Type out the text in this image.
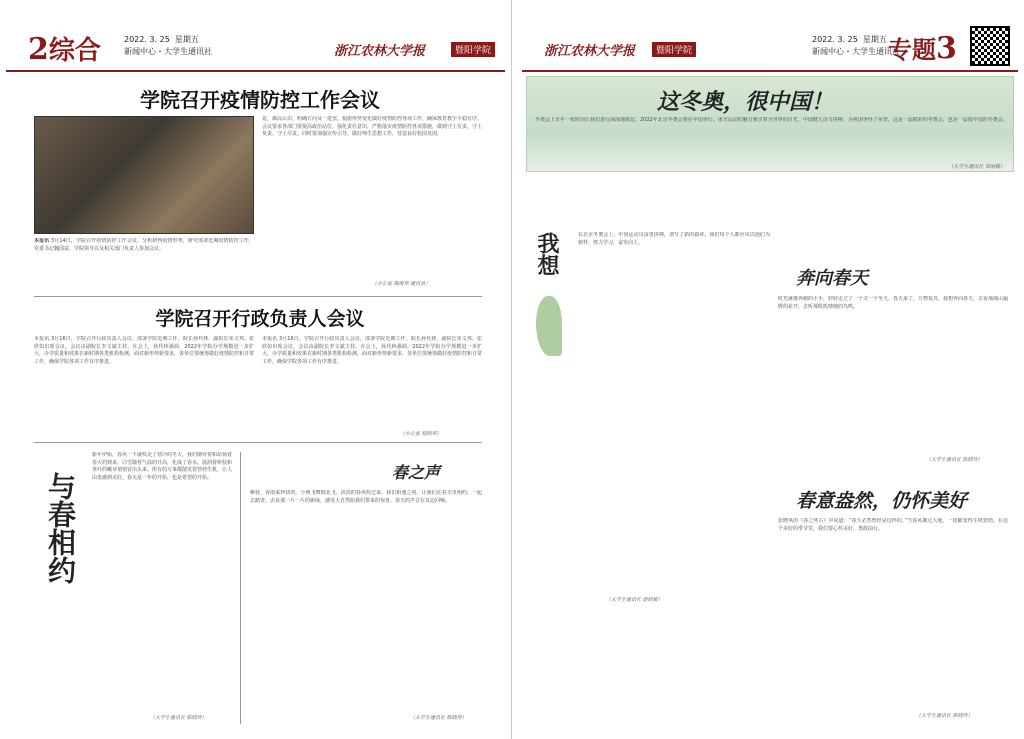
2综合	2022. 3. 25 星期五
新闻中心・大学生通讯社	浙江农林大学报	暨阳学院
学院召开疫情防控工作会议
本报讯 3月14日，学院召开疫情防控工作会议，分析研判疫情形势，研究部署近期疫情防控工作，党委书记魏国富、学院领导以及相关部门负责人参加会议。
霓，都高认识，明确方向及一进罢。根据形势变化做好疫情防控各项工作，确保教育教学平稳有序。会议要求各部门要提高政治站位，强化责任意识，严格落实疫情防控各项措施，做到守土有责、守土负责、守土尽责。同时要加强宣传引导，做好师生思想工作，营造良好校园氛围。
（办公室 陶俊华 通讯员）
学院召开行政负责人会议
本报讯 3月16日，学院召开行政负责人会议，部署学院近期工作。院长孙代林，副院长朱文邦、张欣如出席会议，会议由副院长李文斌主持。在会上，孙代林强调，2022年学院办学规模进一步扩大，办学质量和效果在新时期各类机构检测，面对新形势新要求，各单位要统筹做好疫情防控和日常工作，确保学院各项工作有序推进。
本报讯 3月16日，学院召开行政负责人会议，部署学院近期工作。院长孙代林，副院长朱文邦、张欣如出席会议，会议由副院长李文斌主持。在会上，孙代林强调，2022年学院办学规模进一步扩大，办学质量和效果在新时期各类机构检测，面对新形势新要求，各单位要统筹做好疫情防控和日常工作，确保学院各项工作有序推进。
（办公室 程晓华）
与春相约
新年伊始，春风一下就吹走了寒冷的冬天，我们期待着和昂扬着春天的到来。白雪随着气温的升高，化成了春水，滋润着树枝和草叶的嫩芽悄悄冒出头来。所有的万事都散发着勃勃生机，让人由衷感到美好。春天是一年的开始，也是希望的开始。
（大学生通讯社 陈晓玲）
春之声
柳枝，春雨来得快的。小燕飞舞到北飞。淡淡的春风吹过来，我们相遇之初。让我们在春天里相约，一起去踏青，去看那一片一片的新绿，感受大自然给我们带来的惊喜。春天的声音在耳边回响。
（大学生通讯社 陈晓玲）
浙江农林大学报	暨阳学院
2022. 3. 25 星期五
新闻中心・大学生通讯社
专题3
这冬奥，很中国！
冬奥会上百年一枚时间让我们进行深深地铭记，2022年北京冬奥会将在中国举行。冰雪运动的魅力吸引着全世界的目光，中国健儿奋力拼搏，为祖国争得了荣誉。这是一届精彩的冬奥会，也是一届很中国的冬奥会。
（大学生通讯社 郑丽媛）
我想	在北京冬奥会上，中国运动员奋勇拼搏，谱写了新的篇章。我们每个人都应该以他们为榜样，努力学习，奋发向上。
（大学生通讯社 俞晓敏）
奔向春天
时光就像奔跑的小手，轻轻走过了一个又一个冬天。春天来了，万物复苏，我想奔向春天，去看那漫山遍野的花开，去听那叽叽喳喳的鸟鸣。
（大学生通讯社 陈晓玲）
春意盎然，仍怀美好
张晓风的《春之怀古》中说道：“春天必然曾经是这样的。”当春风拂过大地，一切都变得生机勃勃。在这个美好的季节里，我们要心怀美好，勇敢前行。
（大学生通讯社 陈晓玲）
